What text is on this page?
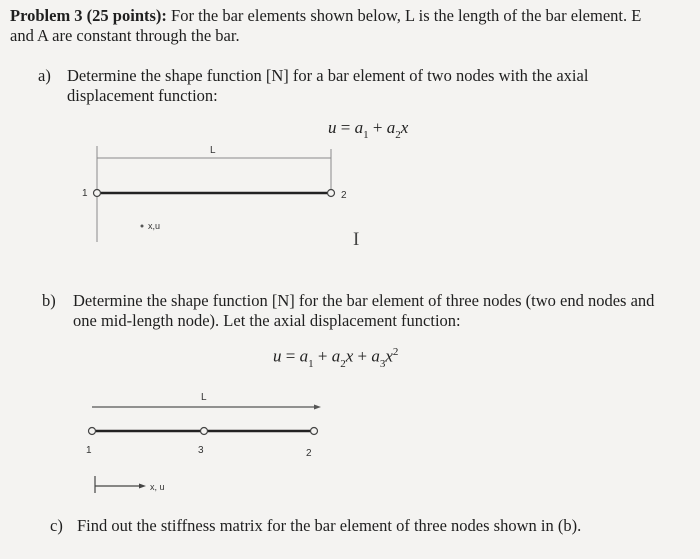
Problem 3 (25 points): For the bar elements shown below, L is the length of the bar element. E
and A are constant through the bar.
a) Determine the shape function [N] for a bar element of two nodes with the axial
displacement function:
$u = a_1 + a_2x$
L
1	2
x,u
I
b) Determine the shape function [N] for the bar element of three nodes (two end nodes and
one mid-length node). Let the axial displacement function:
$u = a_1 + a_2x + a_3x^2$
L
1	3	2
x, u
c) Find out the stiffness matrix for the bar element of three nodes shown in (b).
